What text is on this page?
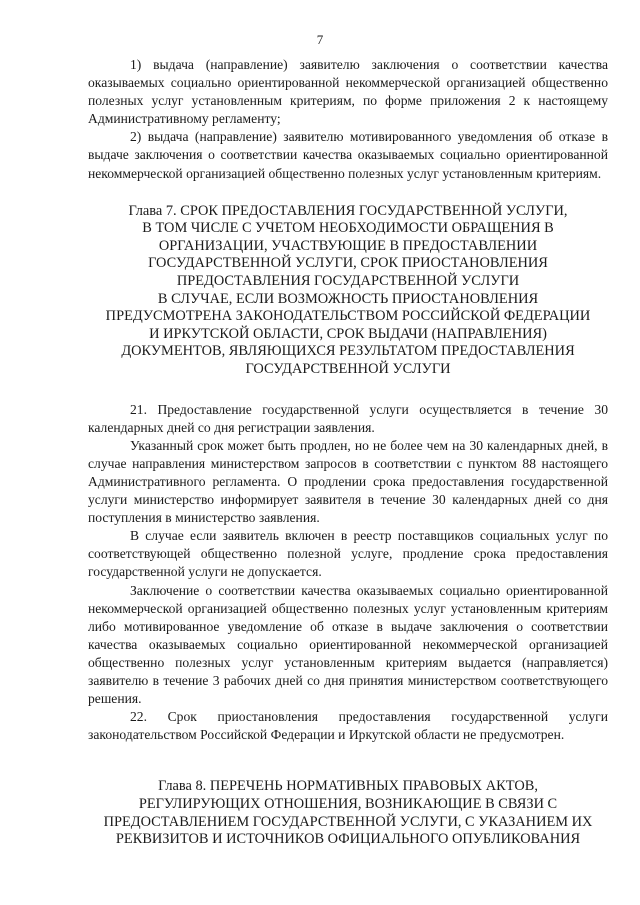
7

1) выдача (направление) заявителю заключения о соответствии качества оказываемых социально ориентированной некоммерческой организацией общественно полезных услуг установленным критериям, по форме приложения 2 к настоящему Административному регламенту;

2) выдача (направление) заявителю мотивированного уведомления об отказе в выдаче заключения о соответствии качества оказываемых социально ориентированной некоммерческой организацией общественно полезных услуг установленным критериям.

Глава 7. СРОК ПРЕДОСТАВЛЕНИЯ ГОСУДАРСТВЕННОЙ УСЛУГИ,
В ТОМ ЧИСЛЕ С УЧЕТОМ НЕОБХОДИМОСТИ ОБРАЩЕНИЯ В
ОРГАНИЗАЦИИ, УЧАСТВУЮЩИЕ В ПРЕДОСТАВЛЕНИИ
ГОСУДАРСТВЕННОЙ УСЛУГИ, СРОК ПРИОСТАНОВЛЕНИЯ
ПРЕДОСТАВЛЕНИЯ ГОСУДАРСТВЕННОЙ УСЛУГИ
В СЛУЧАЕ, ЕСЛИ ВОЗМОЖНОСТЬ ПРИОСТАНОВЛЕНИЯ
ПРЕДУСМОТРЕНА ЗАКОНОДАТЕЛЬСТВОМ РОССИЙСКОЙ ФЕДЕРАЦИИ
И ИРКУТСКОЙ ОБЛАСТИ, СРОК ВЫДАЧИ (НАПРАВЛЕНИЯ)
ДОКУМЕНТОВ, ЯВЛЯЮЩИХСЯ РЕЗУЛЬТАТОМ ПРЕДОСТАВЛЕНИЯ
ГОСУДАРСТВЕННОЙ УСЛУГИ

21. Предоставление государственной услуги осуществляется в течение 30 календарных дней со дня регистрации заявления.

Указанный срок может быть продлен, но не более чем на 30 календарных дней, в случае направления министерством запросов в соответствии с пунктом 88 настоящего Административного регламента. О продлении срока предоставления государственной услуги министерство информирует заявителя в течение 30 календарных дней со дня поступления в министерство заявления.

В случае если заявитель включен в реестр поставщиков социальных услуг по соответствующей общественно полезной услуге, продление срока предоставления государственной услуги не допускается.

Заключение о соответствии качества оказываемых социально ориентированной некоммерческой организацией общественно полезных услуг установленным критериям либо мотивированное уведомление об отказе в выдаче заключения о соответствии качества оказываемых социально ориентированной некоммерческой организацией общественно полезных услуг установленным критериям выдается (направляется) заявителю в течение 3 рабочих дней со дня принятия министерством соответствующего решения.

22. Срок приостановления предоставления государственной услуги законодательством Российской Федерации и Иркутской области не предусмотрен.

Глава 8. ПЕРЕЧЕНЬ НОРМАТИВНЫХ ПРАВОВЫХ АКТОВ,
РЕГУЛИРУЮЩИХ ОТНОШЕНИЯ, ВОЗНИКАЮЩИЕ В СВЯЗИ С
ПРЕДОСТАВЛЕНИЕМ ГОСУДАРСТВЕННОЙ УСЛУГИ, С УКАЗАНИЕМ ИХ
РЕКВИЗИТОВ И ИСТОЧНИКОВ ОФИЦИАЛЬНОГО ОПУБЛИКОВАНИЯ
